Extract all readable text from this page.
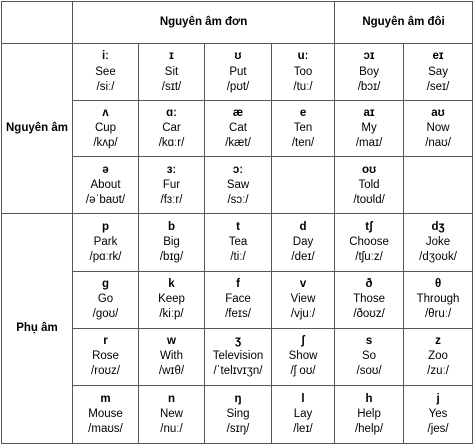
	Nguyên âm đơn				Nguyên âm đôi	
Nguyên âm	iː
See
/siː/	ɪ
Sit
/sɪt/	ʊ
Put
/pʊt/	uː
Too
/tuː/	ɔɪ
Boy
/bɔɪ/	eɪ
Say
/seɪ/

	ʌ
Cup
/kʌp/	ɑː
Car
/kɑːr/	æ
Cat
/kæt/	e
Ten
/ten/	aɪ
My
/maɪ/	aʊ
Now
/naʊ/

	ə
About
/əˈbaʊt/	ɜː
Fur
/fɜːr/	ɔː
Saw
/sɔː/		oʊ
Told
/toʊld/	

Phụ âm	p
Park
/pɑːrk/	b
Big
/bɪg/	t
Tea
/tiː/	d
Day
/deɪ/	tʃ
Choose
/tʃuːz/	dʒ
Joke
/dʒoʊk/

	g
Go
/goʊ/	k
Keep
/kiːp/	f
Face
/feɪs/	v
View
/vjuː/	ð
Those
/ðoʊz/	θ
Through
/θruː/

	r
Rose
/roʊz/	w
With
/wɪθ/	ʒ
Television
/ˈtelɪvɪʒn/	ʃ
Show
/ʃ oʊ/	s
So
/soʊ/	z
Zoo
/zuː/

	m
Mouse
/maʊs/	n
New
/nuː/	ŋ
Sing
/sɪŋ/	l
Lay
/leɪ/	h
Help
/help/	j
Yes
/jes/
